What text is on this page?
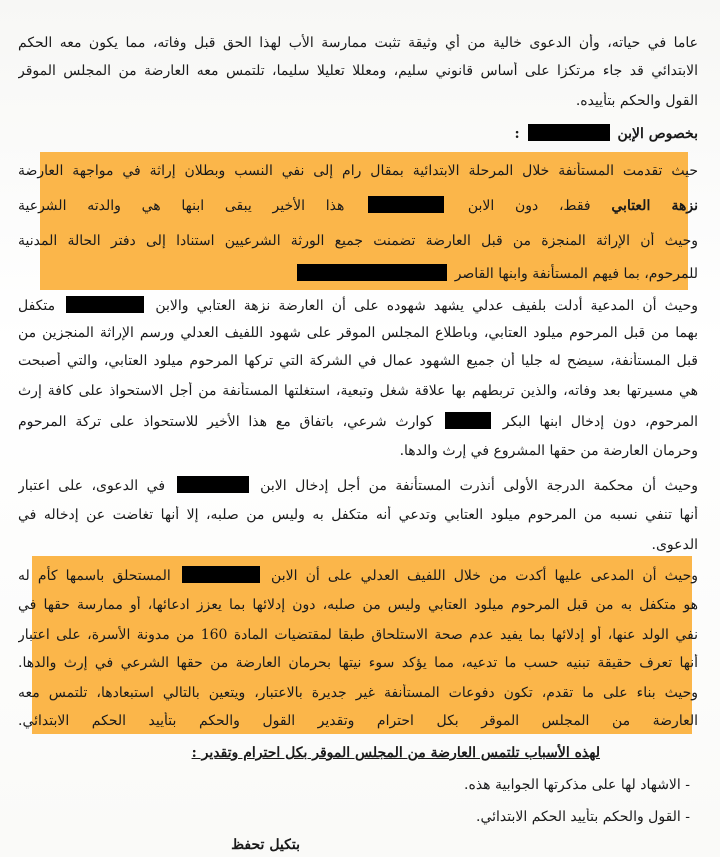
عاما في حياته، وأن الدعوى خالية من أي وثيقة تثبت ممارسة الأب لهذا الحق قبل وفاته، مما يكون معه الحكم
الابتدائي قد جاء مرتكزا على أساس قانوني سليم، ومعللا تعليلا سليما، تلتمس معه العارضة من المجلس الموقر
القول والحكم بتأييده.
بخصوص الإبن  :
حيث تقدمت المستأنفة خلال المرحلة الابتدائية بمقال رام إلى نفي النسب وبطلان إراثة في مواجهة العارضة
نزهة العتابي فقط، دون الابن  هذا الأخير يبقى ابنها هي والدته الشرعية
وحيث أن الإراثة المنجزة من قبل العارضة تضمنت جميع الورثة الشرعيين استنادا إلى دفتر الحالة المدنية
للمرحوم، بما فيهم المستأنفة وابنها القاصر
وحيث أن المدعية أدلت بلفيف عدلي يشهد شهوده على أن العارضة نزهة العتابي والابن  متكفل
بهما من قبل المرحوم ميلود العتابي، وباطلاع المجلس الموقر على شهود اللفيف العدلي ورسم الإراثة المنجزين من
قبل المستأنفة، سيضح له جليا أن جميع الشهود عمال في الشركة التي تركها المرحوم ميلود العتابي، والتي أصبحت
هي مسيرتها بعد وفاته، والذين تربطهم بها علاقة شغل وتبعية، استغلتها المستأنفة من أجل الاستحواذ على كافة إرث
المرحوم، دون إدخال ابنها البكر  كوارث شرعي، باتفاق مع هذا الأخير للاستحواذ على تركة المرحوم
وحرمان العارضة من حقها المشروع في إرث والدها.
وحيث أن محكمة الدرجة الأولى أنذرت المستأنفة من أجل إدخال الابن  في الدعوى، على اعتبار
أنها تنفي نسبه من المرحوم ميلود العتابي وتدعي أنه متكفل به وليس من صلبه، إلا أنها تغاضت عن إدخاله في
الدعوى.
وحيث أن المدعى عليها أكدت من خلال اللفيف العدلي على أن الابن  المستحلق باسمها كأم له
هو متكفل به من قبل المرحوم ميلود العتابي وليس من صلبه، دون إدلائها بما يعزز ادعائها، أو ممارسة حقها في
نفي الولد عنها، أو إدلائها بما يفيد عدم صحة الاستلحاق طبقا لمقتضيات المادة 160 من مدونة الأسرة، على اعتبار
أنها تعرف حقيقة تبنيه حسب ما تدعيه، مما يؤكد سوء نيتها بحرمان العارضة من حقها الشرعي في إرث والدها.
وحيث بناء على ما تقدم، تكون دفوعات المستأنفة غير جديرة بالاعتبار، ويتعين بالتالي استبعادها، تلتمس معه
العارضة من المجلس الموقر بكل احترام وتقدير القول والحكم بتأييد الحكم الابتدائي.
لهذه الأسباب تلتمس العارضة من المجلس الموقر بكل احترام وتقدير :
- الاشهاد لها على مذكرتها الجوابية هذه.
- القول والحكم بتأييد الحكم الابتدائي.
بتكيل تحفظ
